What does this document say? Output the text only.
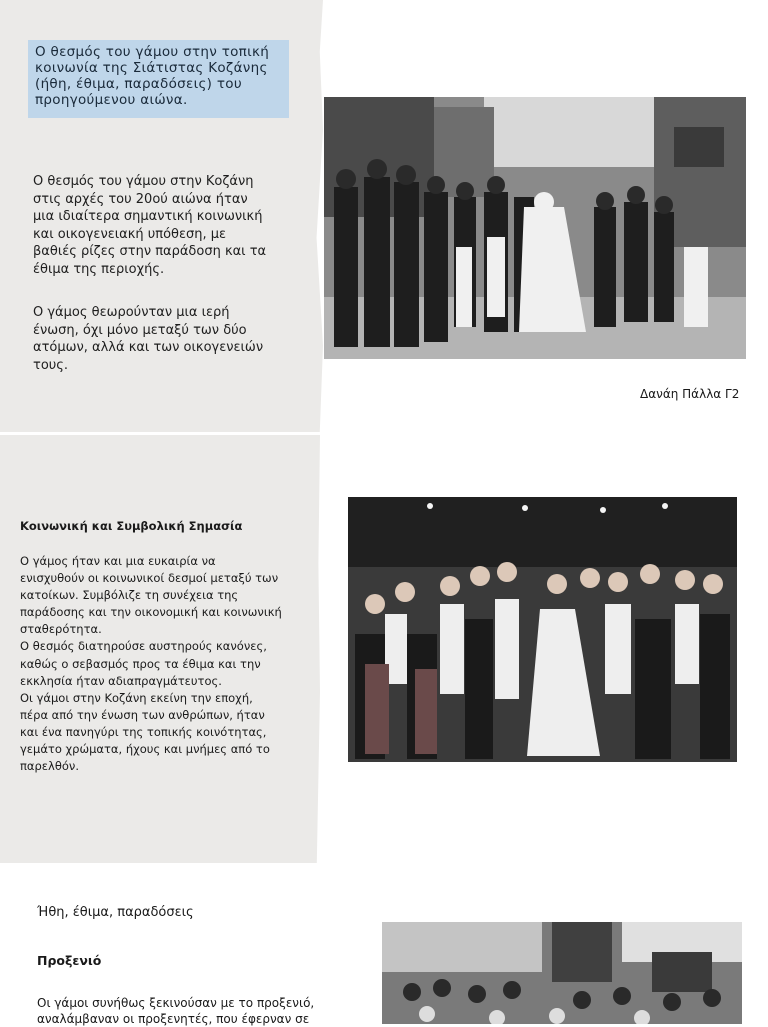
Ο θεσμός του γάμου στην τοπική κοινωνία της Σιάτιστας Κοζάνης (ήθη, έθιμα, παραδόσεις) του προηγούμενου αιώνα.

Ο θεσμός του γάμου στην Κοζάνη στις αρχές του 20ού αιώνα ήταν μια ιδιαίτερα σημαντική κοινωνική και οικογενειακή υπόθεση, με βαθιές ρίζες στην παράδοση και τα έθιμα της περιοχής.

Ο γάμος θεωρούνταν μια ιερή ένωση, όχι μόνο μεταξύ των δύο ατόμων, αλλά και των οικογενειών τους.

Δανάη Πάλλα Γ2

Κοινωνική και Συμβολική Σημασία

Ο γάμος ήταν και μια ευκαιρία να ενισχυθούν οι κοινωνικοί δεσμοί μεταξύ των κατοίκων. Συμβόλιζε τη συνέχεια της παράδοσης και την οικονομική και κοινωνική σταθερότητα.
Ο θεσμός διατηρούσε αυστηρούς κανόνες, καθώς ο σεβασμός προς τα έθιμα και την εκκλησία ήταν αδιαπραγμάτευτος.
Οι γάμοι στην Κοζάνη εκείνη την εποχή, πέρα από την ένωση των ανθρώπων, ήταν και ένα πανηγύρι της τοπικής κοινότητας, γεμάτο χρώματα, ήχους και μνήμες από το παρελθόν.

Ήθη, έθιμα, παραδόσεις

Προξενιό

Οι γάμοι συνήθως ξεκινούσαν με το προξενιό, αναλάμβαναν οι προξενητές, που έφερναν σε
